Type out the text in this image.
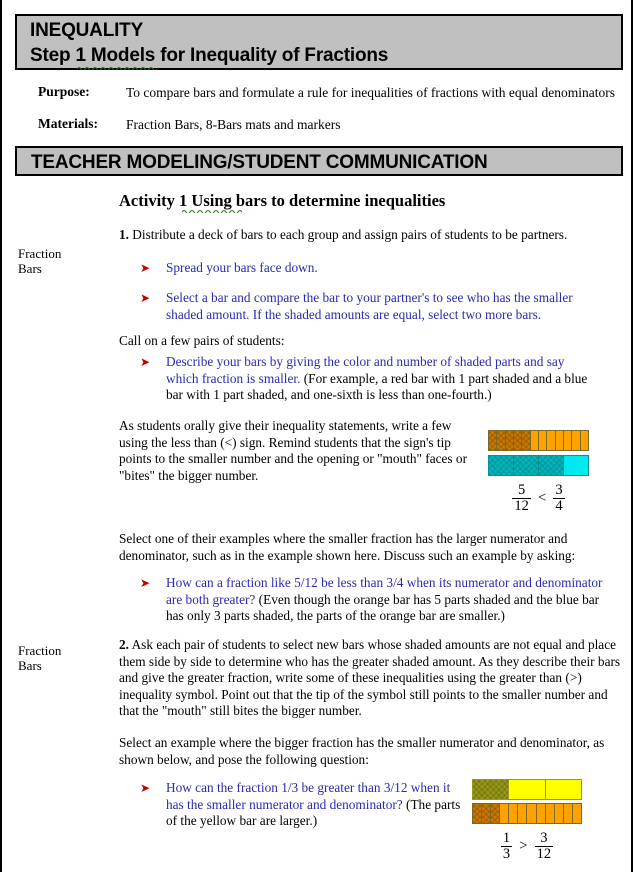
INEQUALITY
Step 1 Models for Inequality of Fractions
Purpose:	To compare bars and formulate a rule for inequalities of fractions with equal denominators
Materials: Fraction Bars, 8-Bars mats and markers
TEACHER MODELING/STUDENT COMMUNICATION
Activity 1 Using bars to determine inequalities
Fraction
Bars
Fraction
Bars
1. Distribute a deck of bars to each group and assign pairs of students to be partners.
➤ Spread your bars face down.
➤ Select a bar and compare the bar to your partner's to see who has the smaller shaded amount. If the shaded amounts are equal, select two more bars.
Call on a few pairs of students:
➤ Describe your bars by giving the color and number of shaded parts and say which fraction is smaller. (For example, a red bar with 1 part shaded and a blue bar with 1 part shaded, and one-sixth is less than one-fourth.)
As students orally give their inequality statements, write a few using the less than (<) sign. Remind students that the sign's tip points to the smaller number and the opening or "mouth" faces or "bites" the bigger number.
$\frac{5}{12} < \frac{3}{4}$
Select one of their examples where the smaller fraction has the larger numerator and denominator, such as in the example shown here. Discuss such an example by asking:
➤ How can a fraction like 5/12 be less than 3/4 when its numerator and denominator are both greater? (Even though the orange bar has 5 parts shaded and the blue bar has only 3 parts shaded, the parts of the orange bar are smaller.)
2. Ask each pair of students to select new bars whose shaded amounts are not equal and place them side by side to determine who has the greater shaded amount. As they describe their bars and give the greater fraction, write some of these inequalities using the greater than (>) inequality symbol. Point out that the tip of the symbol still points to the smaller number and that the "mouth" still bites the bigger number.
Select an example where the bigger fraction has the smaller numerator and denominator, as shown below, and pose the following question:
➤ How can the fraction 1/3 be greater than 3/12 when it has the smaller numerator and denominator? (The parts of the yellow bar are larger.)
$\frac{1}{3} > \frac{3}{12}$
